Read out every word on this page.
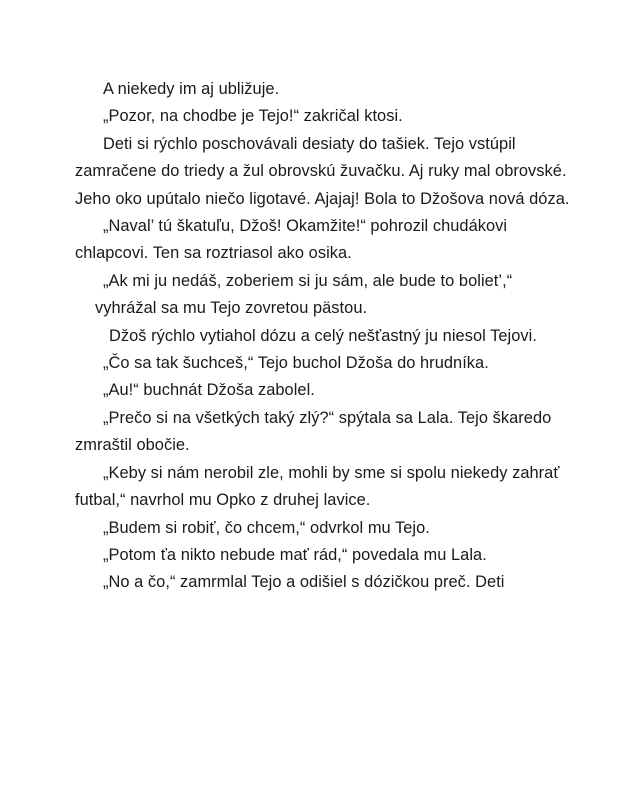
A niekedy im aj ubližuje.

„Pozor, na chodbe je Tejo!“ zakričal ktosi.

Deti si rýchlo poschovávali desiaty do tašiek. Tejo vstúpil zamračene do triedy a žul obrovskú žuvačku. Aj ruky mal obrovské. Jeho oko upútalo niečo ligotavé. Ajajaj! Bola to Džošova nová dóza.

„Naval’ tú škatuľu, Džoš! Okamžite!“ pohrozil chudákovi chlapcovi. Ten sa roztriasol ako osika.

„Ak mi ju nedáš, zoberiem si ju sám, ale bude to boliet’,“

vyhrážal sa mu Tejo zovretou pästou.

Džoš rýchlo vytiahol dózu a celý nešťastný ju niesol Tejovi.

„Čo sa tak šuchceš,“ Tejo buchol Džoša do hrudníka.

„Au!“ buchnát Džoša zabolel.

„Prečo si na všetkých taký zlý?“ spýtala sa Lala. Tejo škaredo zmraštil obočie.

„Keby si nám nerobil zle, mohli by sme si spolu niekedy zahrať futbal,“ navrhol mu Opko z druhej lavice.

„Budem si robiť, čo chcem,“ odvrkol mu Tejo.

„Potom ťa nikto nebude mať rád,“ povedala mu Lala.

„No a čo,“ zamrmlal Tejo a odišiel s dózičkou preč. Deti
